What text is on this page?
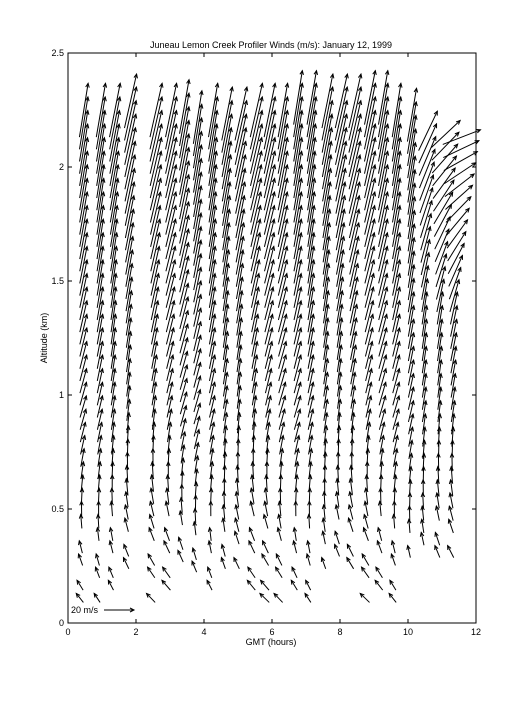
Juneau Lemon Creek Profiler Winds (m/s): January 12, 1999
0	2	4	6	8	10	12
0
0.5
1
1.5
2
2.5
GMT (hours)
Altitude (km)
20 m/s
